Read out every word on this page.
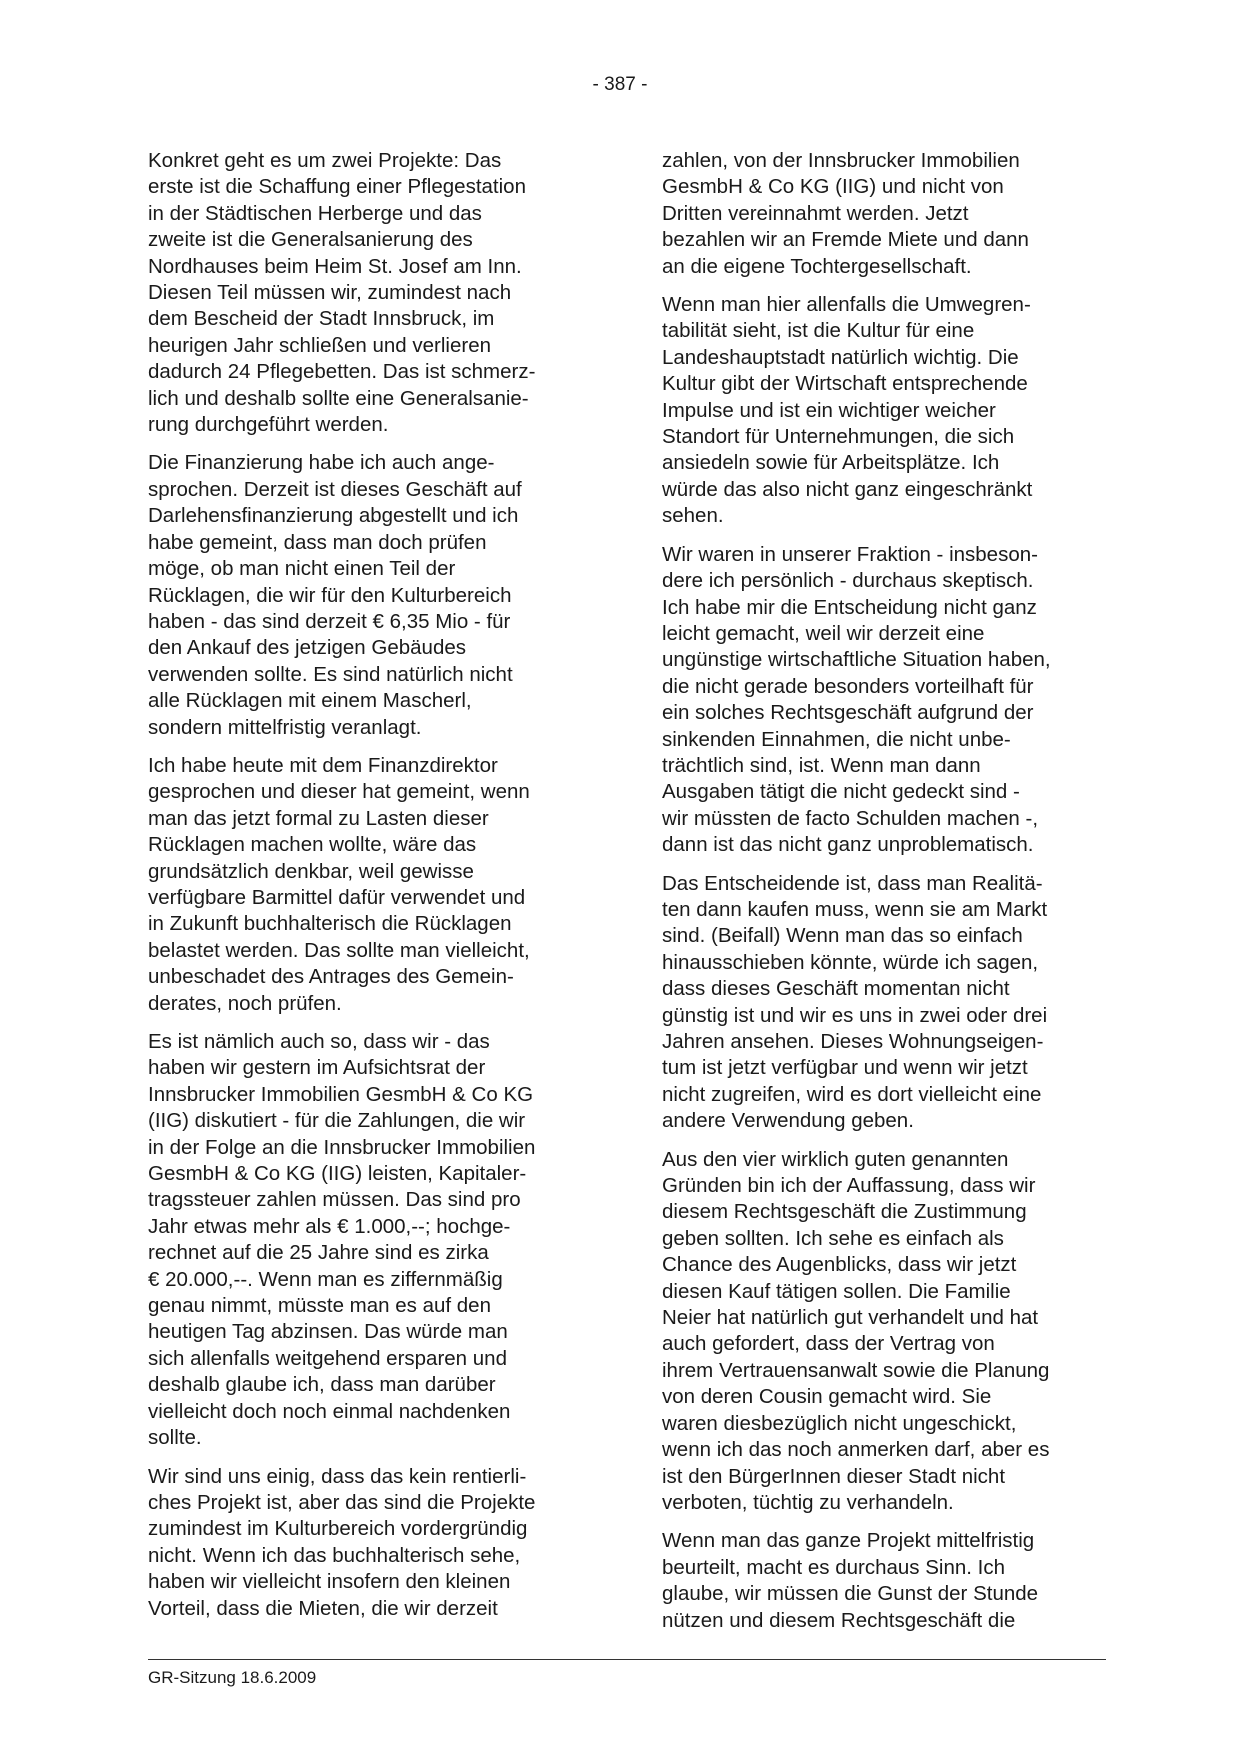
- 387 -

Konkret geht es um zwei Projekte: Das
erste ist die Schaffung einer Pflegestation
in der Städtischen Herberge und das
zweite ist die Generalsanierung des
Nordhauses beim Heim St. Josef am Inn.
Diesen Teil müssen wir, zumindest nach
dem Bescheid der Stadt Innsbruck, im
heurigen Jahr schließen und verlieren
dadurch 24 Pflegebetten. Das ist schmerz-
lich und deshalb sollte eine Generalsanie-
rung durchgeführt werden.

Die Finanzierung habe ich auch ange-
sprochen. Derzeit ist dieses Geschäft auf
Darlehensfinanzierung abgestellt und ich
habe gemeint, dass man doch prüfen
möge, ob man nicht einen Teil der
Rücklagen, die wir für den Kulturbereich
haben - das sind derzeit € 6,35 Mio - für
den Ankauf des jetzigen Gebäudes
verwenden sollte. Es sind natürlich nicht
alle Rücklagen mit einem Mascherl,
sondern mittelfristig veranlagt.

Ich habe heute mit dem Finanzdirektor
gesprochen und dieser hat gemeint, wenn
man das jetzt formal zu Lasten dieser
Rücklagen machen wollte, wäre das
grundsätzlich denkbar, weil gewisse
verfügbare Barmittel dafür verwendet und
in Zukunft buchhalterisch die Rücklagen
belastet werden. Das sollte man vielleicht,
unbeschadet des Antrages des Gemein-
derates, noch prüfen.

Es ist nämlich auch so, dass wir - das
haben wir gestern im Aufsichtsrat der
Innsbrucker Immobilien GesmbH & Co KG
(IIG) diskutiert - für die Zahlungen, die wir
in der Folge an die Innsbrucker Immobilien
GesmbH & Co KG (IIG) leisten, Kapitaler-
tragssteuer zahlen müssen. Das sind pro
Jahr etwas mehr als € 1.000,--; hochge-
rechnet auf die 25 Jahre sind es zirka
€ 20.000,--. Wenn man es ziffernmäßig
genau nimmt, müsste man es auf den
heutigen Tag abzinsen. Das würde man
sich allenfalls weitgehend ersparen und
deshalb glaube ich, dass man darüber
vielleicht doch noch einmal nachdenken
sollte.

Wir sind uns einig, dass das kein rentierli-
ches Projekt ist, aber das sind die Projekte
zumindest im Kulturbereich vordergründig
nicht. Wenn ich das buchhalterisch sehe,
haben wir vielleicht insofern den kleinen
Vorteil, dass die Mieten, die wir derzeit

zahlen, von der Innsbrucker Immobilien
GesmbH & Co KG (IIG) und nicht von
Dritten vereinnahmt werden. Jetzt
bezahlen wir an Fremde Miete und dann
an die eigene Tochtergesellschaft.

Wenn man hier allenfalls die Umwegren-
tabilität sieht, ist die Kultur für eine
Landeshauptstadt natürlich wichtig. Die
Kultur gibt der Wirtschaft entsprechende
Impulse und ist ein wichtiger weicher
Standort für Unternehmungen, die sich
ansiedeln sowie für Arbeitsplätze. Ich
würde das also nicht ganz eingeschränkt
sehen.

Wir waren in unserer Fraktion - insbeson-
dere ich persönlich - durchaus skeptisch.
Ich habe mir die Entscheidung nicht ganz
leicht gemacht, weil wir derzeit eine
ungünstige wirtschaftliche Situation haben,
die nicht gerade besonders vorteilhaft für
ein solches Rechtsgeschäft aufgrund der
sinkenden Einnahmen, die nicht unbe-
trächtlich sind, ist. Wenn man dann
Ausgaben tätigt die nicht gedeckt sind -
wir müssten de facto Schulden machen -,
dann ist das nicht ganz unproblematisch.

Das Entscheidende ist, dass man Realitä-
ten dann kaufen muss, wenn sie am Markt
sind. (Beifall) Wenn man das so einfach
hinausschieben könnte, würde ich sagen,
dass dieses Geschäft momentan nicht
günstig ist und wir es uns in zwei oder drei
Jahren ansehen. Dieses Wohnungseigen-
tum ist jetzt verfügbar und wenn wir jetzt
nicht zugreifen, wird es dort vielleicht eine
andere Verwendung geben.

Aus den vier wirklich guten genannten
Gründen bin ich der Auffassung, dass wir
diesem Rechtsgeschäft die Zustimmung
geben sollten. Ich sehe es einfach als
Chance des Augenblicks, dass wir jetzt
diesen Kauf tätigen sollen. Die Familie
Neier hat natürlich gut verhandelt und hat
auch gefordert, dass der Vertrag von
ihrem Vertrauensanwalt sowie die Planung
von deren Cousin gemacht wird. Sie
waren diesbezüglich nicht ungeschickt,
wenn ich das noch anmerken darf, aber es
ist den BürgerInnen dieser Stadt nicht
verboten, tüchtig zu verhandeln.

Wenn man das ganze Projekt mittelfristig
beurteilt, macht es durchaus Sinn. Ich
glaube, wir müssen die Gunst der Stunde
nützen und diesem Rechtsgeschäft die

GR-Sitzung 18.6.2009
